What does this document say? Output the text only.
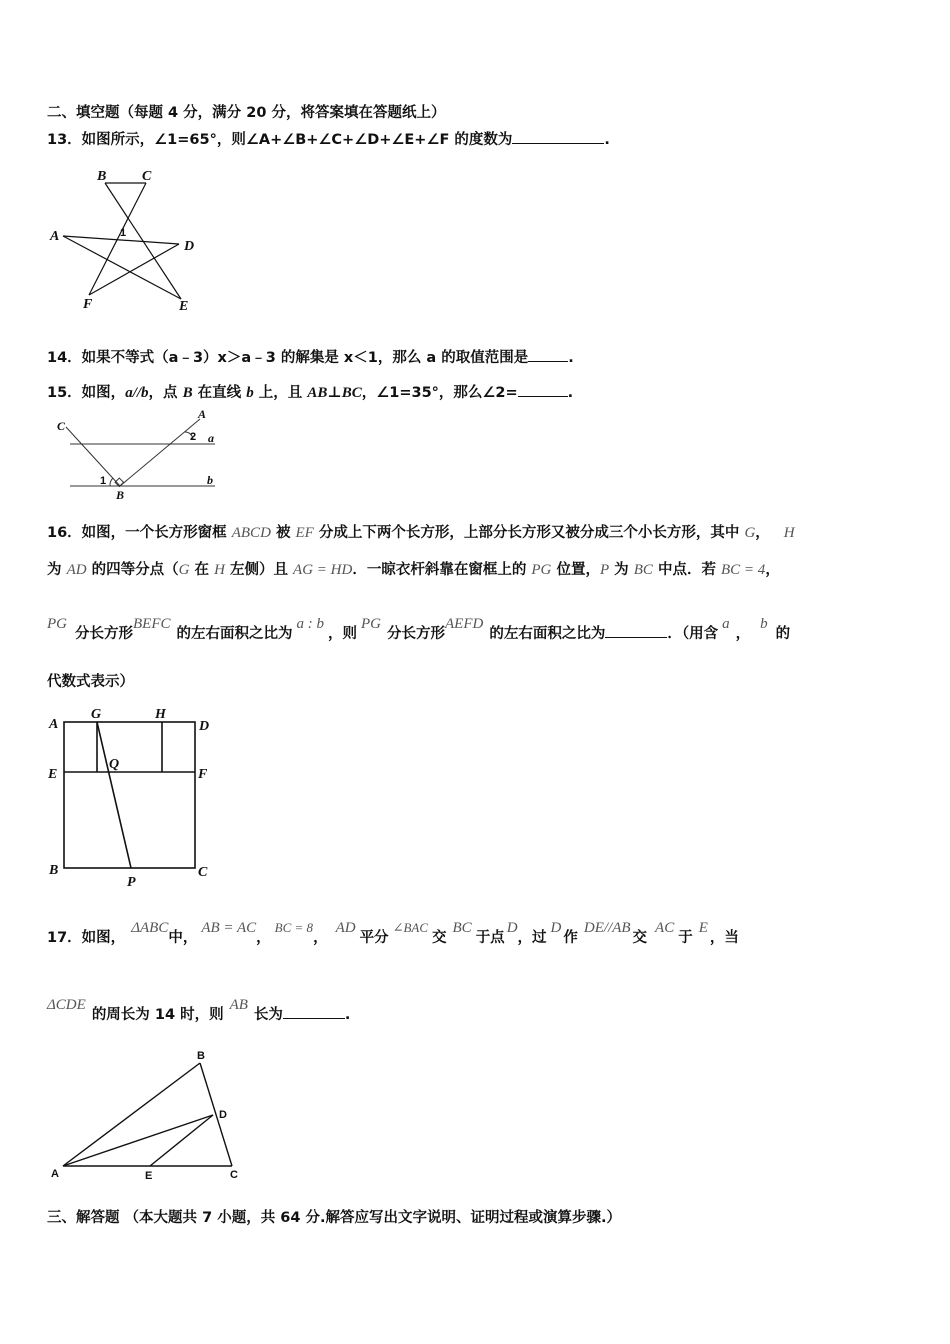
二、填空题（每题 4 分，满分 20 分，将答案填在答题纸上）
13．如图所示，∠1=65°，则∠A+∠B+∠C+∠D+∠E+∠F 的度数为	.
B	C
A
D
F	E
1
14．如果不等式（a﹣3）x＞a﹣3 的解集是 x＜1，那么 a 的取值范围是	.
15．如图，a//b，点 B 在直线 b 上，且 AB⊥BC，∠1=35°，那么∠2=	.
C
A
a
b
B
1
2
16．如图，一个长方形窗框 ABCD 被 EF 分成上下两个长方形，上部分长方形又被分成三个小长方形，其中 G， H
为 AD 的四等分点（G 在 H 左侧）且 AG = HD．一晾衣杆斜靠在窗框上的 PG 位置，P 为 BC 中点．若 BC = 4，
PG分长方形BEFC的左右面积之比为a : b，则PG分长方形AEFD的左右面积之比为	．（用含a，b的
代数式表示）
A
G	H
D
E
Q
F
B
P
C
17．如图，ΔABC中，AB = AC，BC = 8，AD平分∠BAC交BC于点D，过D作DE//AB交AC于E，当
ΔCDE的周长为 14 时，则AB长为	.
B
D
A	E	C
三、解答题 （本大题共 7 小题，共 64 分.解答应写出文字说明、证明过程或演算步骤.）
